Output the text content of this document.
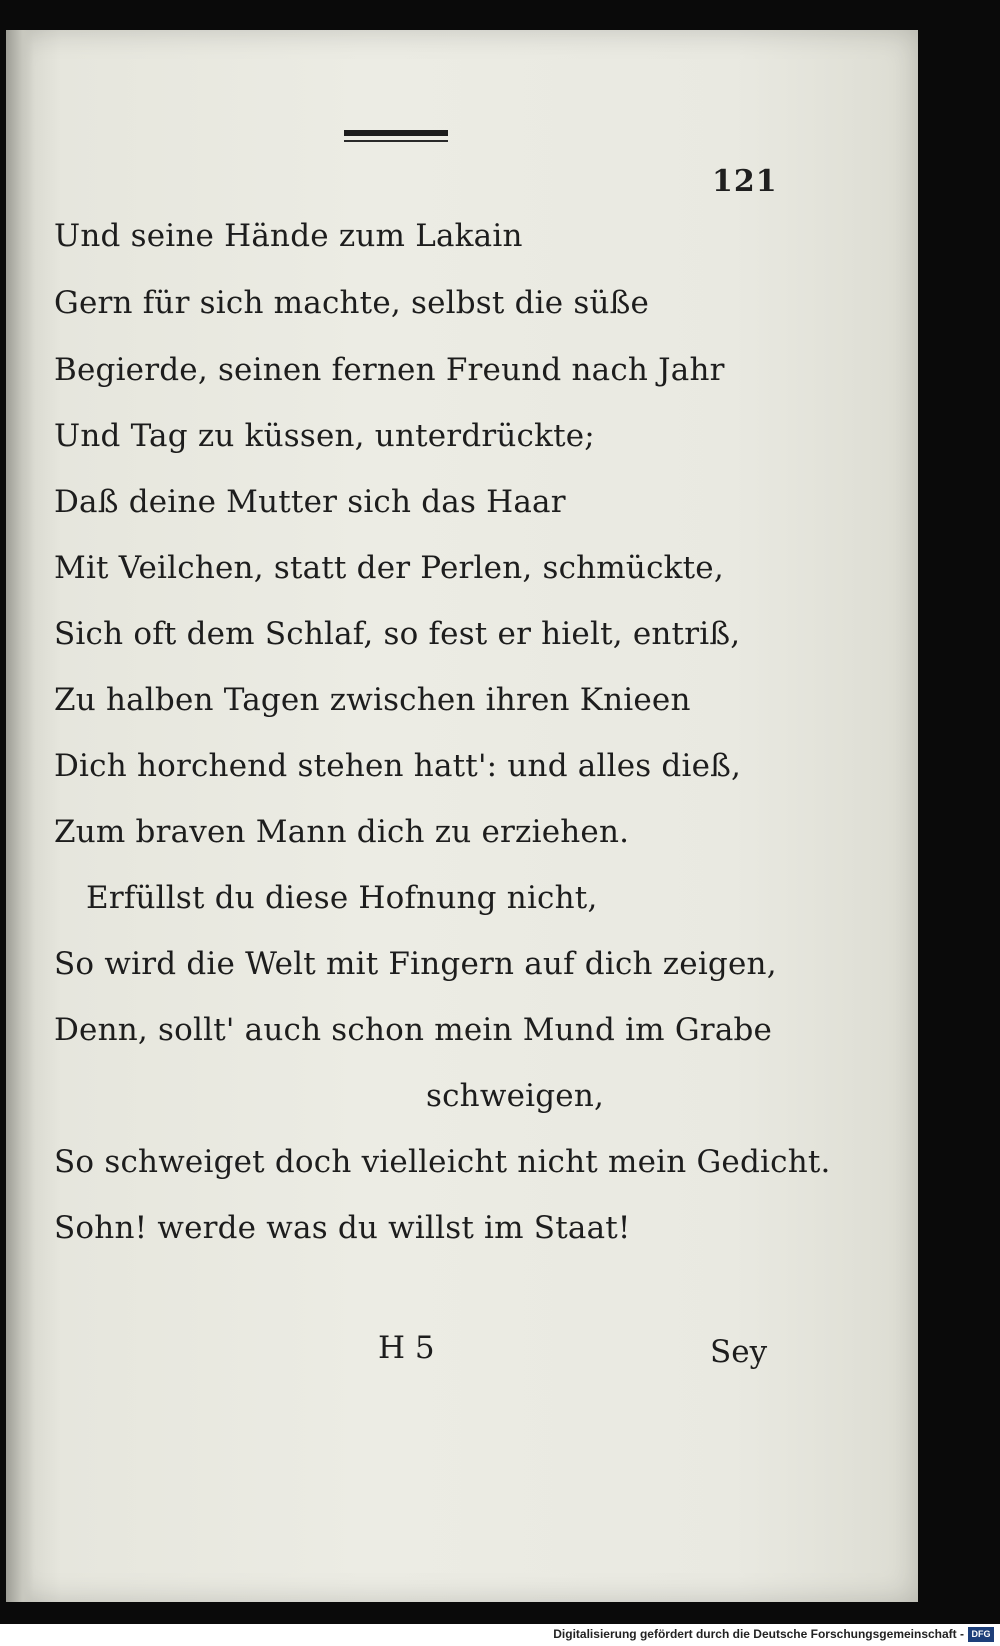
121
Und seine Hände zum Lakain
Gern für sich machte, selbst die süße
Begierde, seinen fernen Freund nach Jahr
Und Tag zu küssen, unterdrückte;
Daß deine Mutter sich das Haar
Mit Veilchen, statt der Perlen, schmückte,
Sich oft dem Schlaf, so fest er hielt, entriß,
Zu halben Tagen zwischen ihren Knieen
Dich horchend stehen hatt': und alles dieß,
Zum braven Mann dich zu erziehen.
Erfüllst du diese Hofnung nicht,
So wird die Welt mit Fingern auf dich zeigen,
Denn, sollt' auch schon mein Mund im Grabe
schweigen,
So schweiget doch vielleicht nicht mein Gedicht.
Sohn! werde was du willst im Staat!
H 5	Sey
Digitalisierung gefördert durch die Deutsche Forschungsgemeinschaft - DFG
